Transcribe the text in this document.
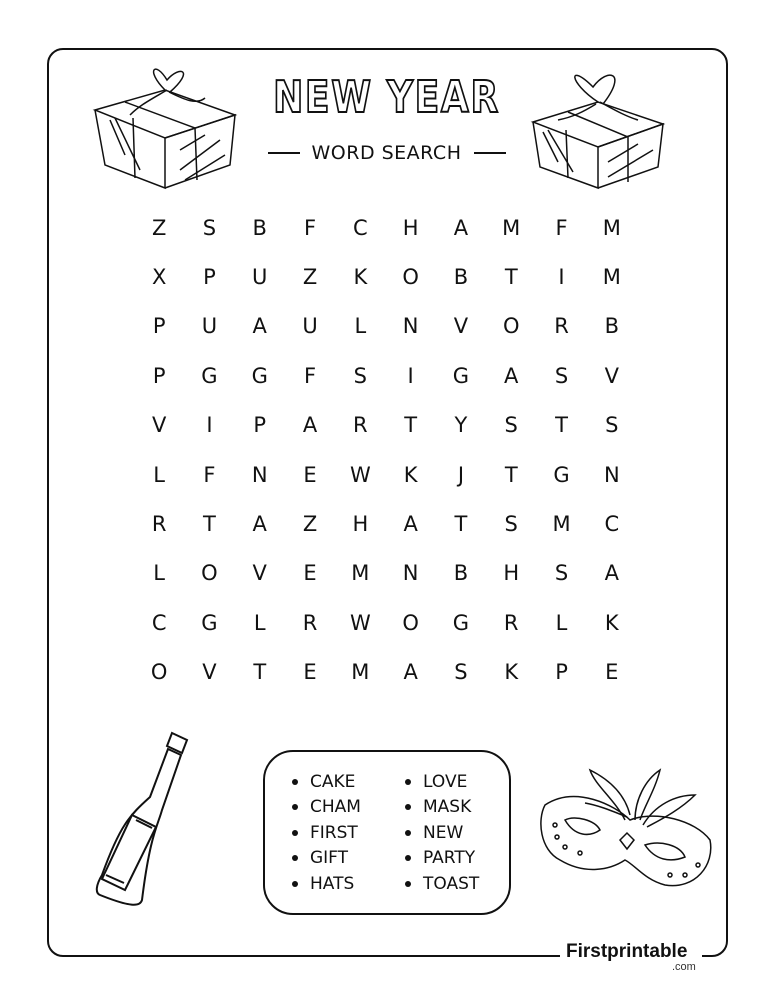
Firstprintable
.com
NEW YEAR
WORD SEARCH
Z	S	B	F	C	H	A	M	F	M
X	P	U	Z	K	O	B	T	I	M
P	U	A	U	L	N	V	O	R	B
P	G	G	F	S	I	G	A	S	V
V	I	P	A	R	T	Y	S	T	S
L	F	N	E	W	K	J	T	G	N
R	T	A	Z	H	A	T	S	M	C
L	O	V	E	M	N	B	H	S	A
C	G	L	R	W	O	G	R	L	K
O	V	T	E	M	A	S	K	P	E
CAKE
CHAM
FIRST
GIFT
HATS
LOVE
MASK
NEW
PARTY
TOAST
